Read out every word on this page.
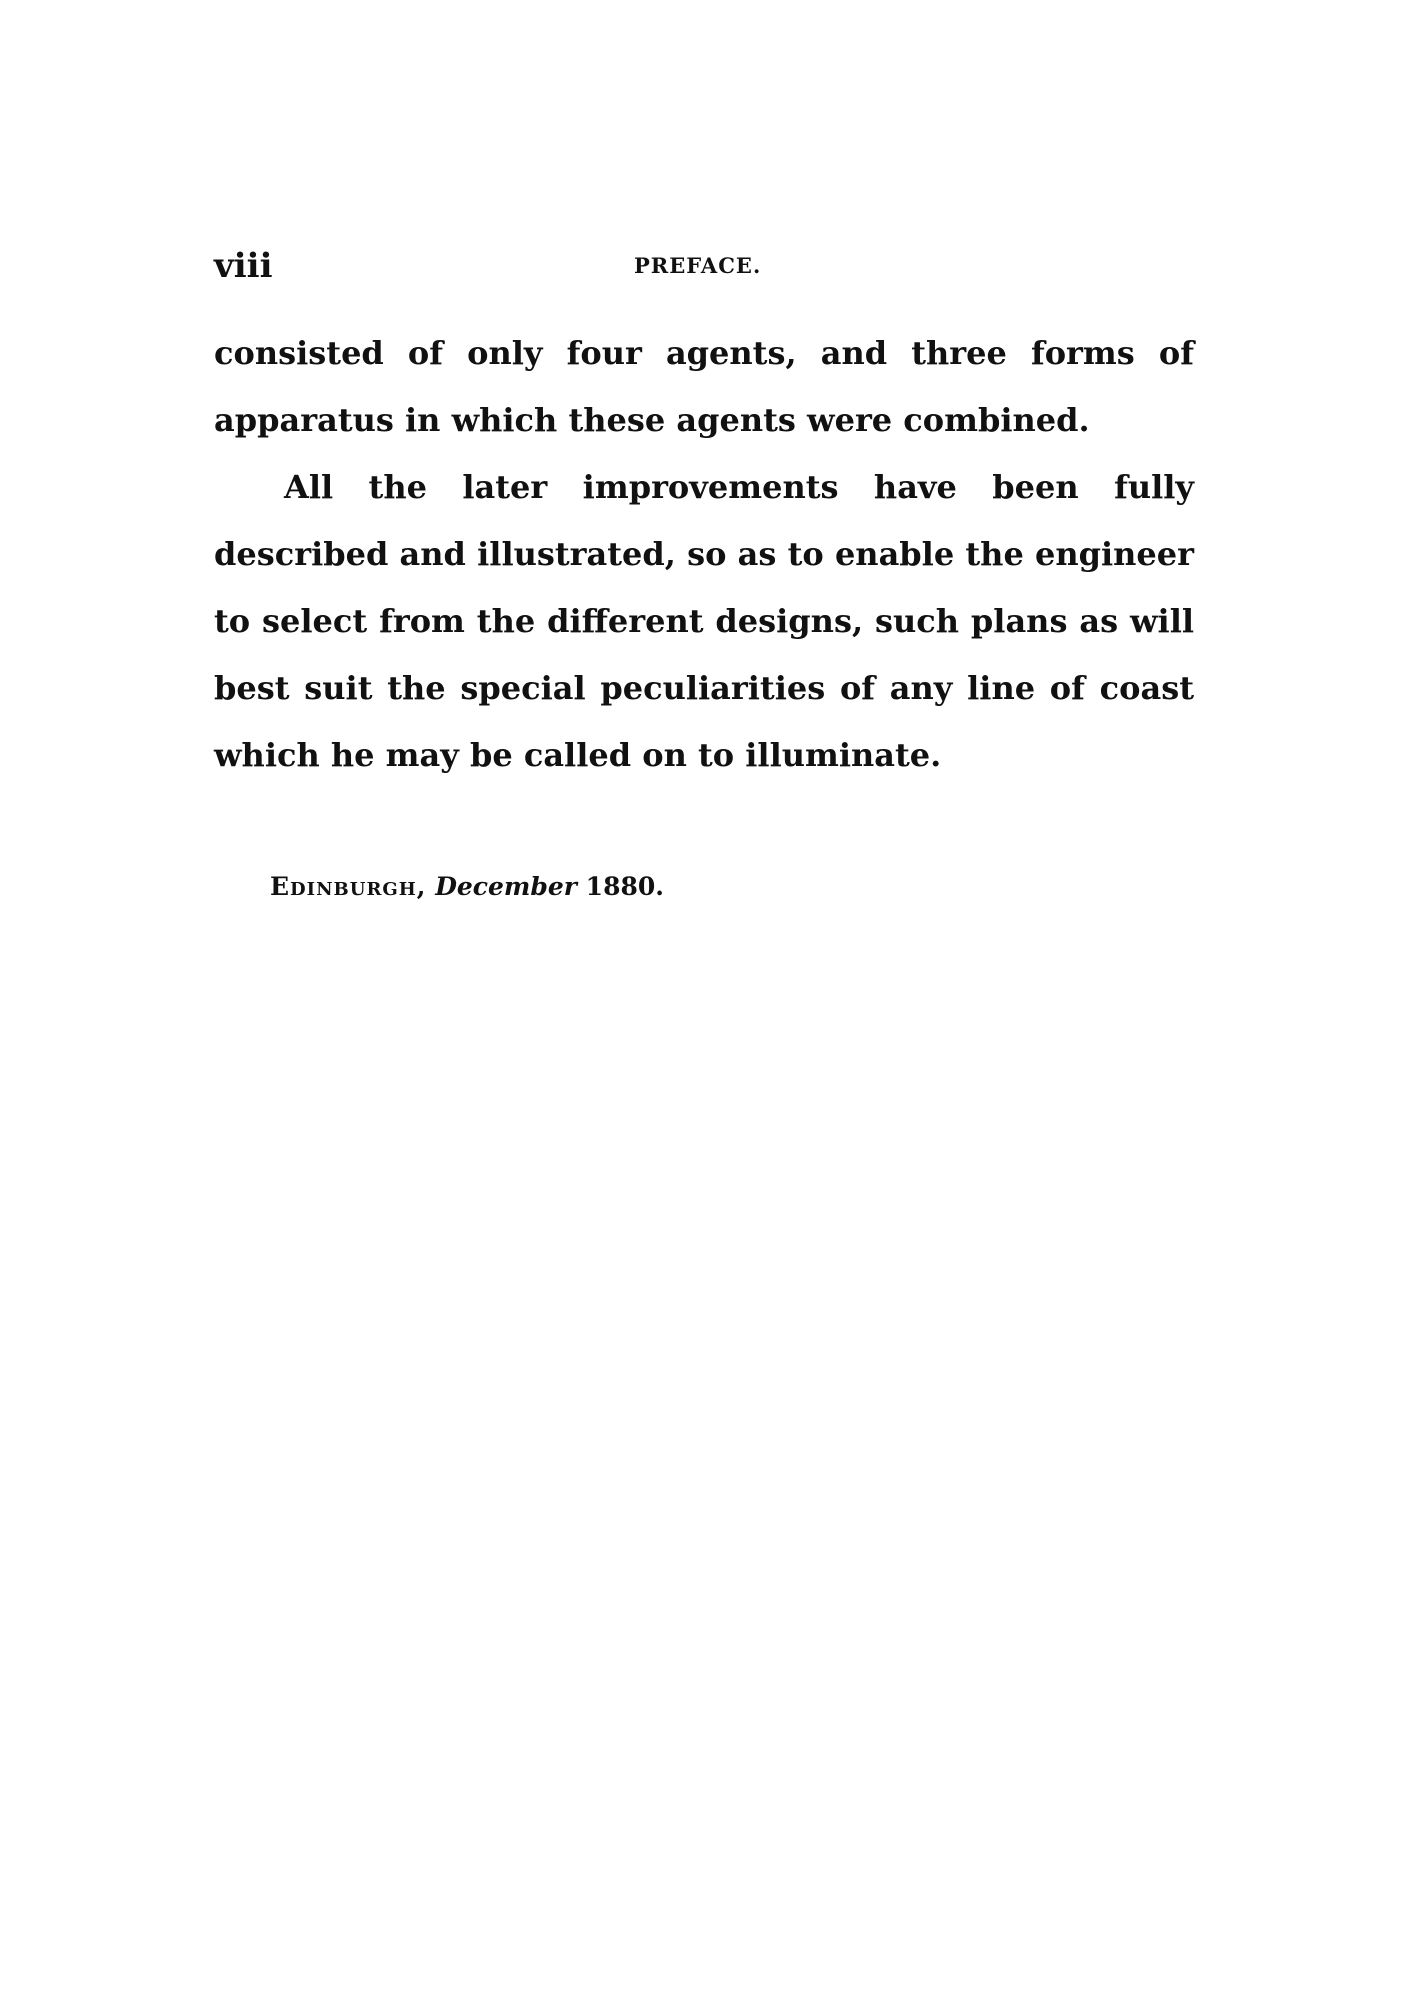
viii	PREFACE.

consisted of only four agents, and three forms of apparatus in which these agents were combined.

All the later improvements have been fully described and illustrated, so as to enable the engineer to select from the different designs, such plans as will best suit the special peculiarities of any line of coast which he may be called on to illuminate.

Edinburgh, December 1880.
